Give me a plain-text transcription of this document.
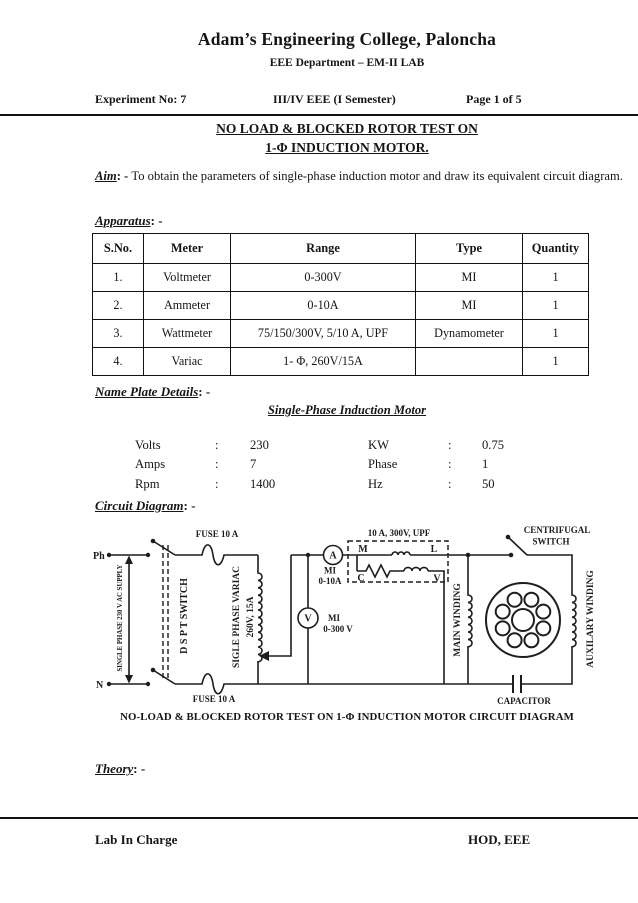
Adam’s Engineering College, Paloncha
EEE Department – EM-II LAB
Experiment No: 7	III/IV EEE (I Semester)	Page 1 of 5
NO LOAD & BLOCKED ROTOR TEST ON
1-Φ INDUCTION MOTOR.
Aim: - To obtain the parameters of single-phase induction motor and draw its equivalent circuit diagram.
Apparatus: -
S.No.	Meter	Range	Type	Quantity
1.	Voltmeter	0-300V	MI	1
2.	Ammeter	0-10A	MI	1
3.	Wattmeter	75/150/300V, 5/10 A, UPF	Dynamometer	1
4.	Variac	1- Φ, 260V/15A		1
Name Plate Details: -
Single-Phase Induction Motor
Volts	:	230	KW	:	0.75
Amps	:	7	Phase	:	1
Rpm	:	1400	Hz	:	50
Circuit Diagram: -
V MI
0-300 V
A
MI
0-10A
10 A, 300V, UPF
M	L
C	V
CENTRIFUGAL
SWITCH
CAPACITOR
Ph
N
SINGLE PHASE 230 V AC SUPPLY	D S P T SWITCH
FUSE 10 A
FUSE 10 A
SIGLE PHASE VARIAC 260V, 15A	MAIN WINDING	AUXILARY WINDING
NO-LOAD & BLOCKED ROTOR TEST ON 1-Φ INDUCTION MOTOR CIRCUIT DIAGRAM
Theory: -
Lab In Charge	HOD, EEE
